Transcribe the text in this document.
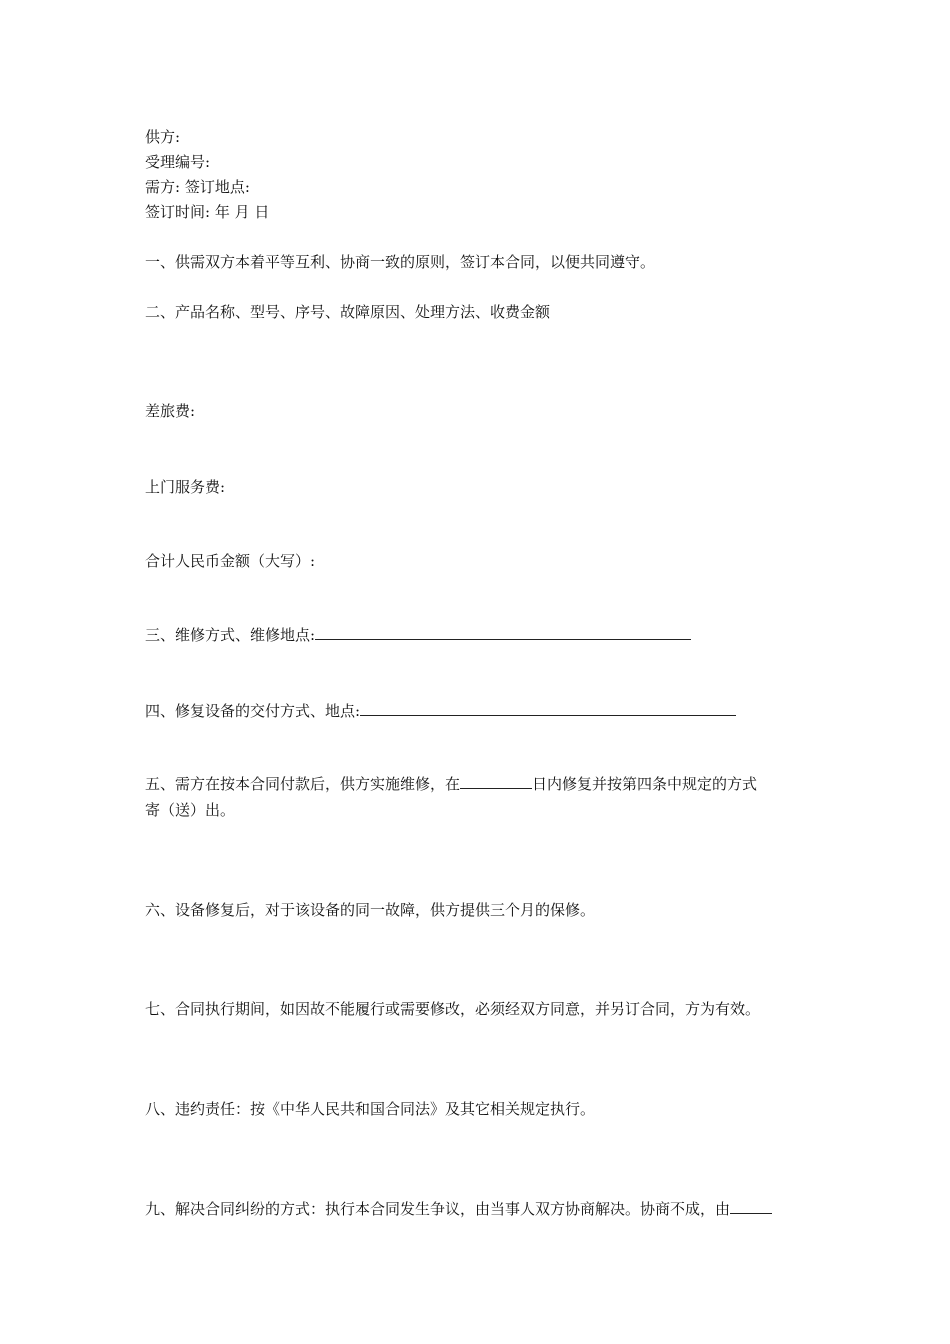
供方:
受理编号:
需方: 签订地点:
签订时间: 年 月 日
一、供需双方本着平等互利、协商一致的原则，签订本合同，以便共同遵守。
二、产品名称、型号、序号、故障原因、处理方法、收费金额
差旅费:
上门服务费:
合计人民币金额（大写）:
三、维修方式、维修地点:
四、修复设备的交付方式、地点:
五、需方在按本合同付款后，供方实施维修，在	日内修复并按第四条中规定的方式
寄（送）出。
六、设备修复后，对于该设备的同一故障，供方提供三个月的保修。
七、合同执行期间，如因故不能履行或需要修改，必须经双方同意，并另订合同，方为有效。
八、违约责任：按《中华人民共和国合同法》及其它相关规定执行。
九、解决合同纠纷的方式：执行本合同发生争议，由当事人双方协商解决。协商不成，由
